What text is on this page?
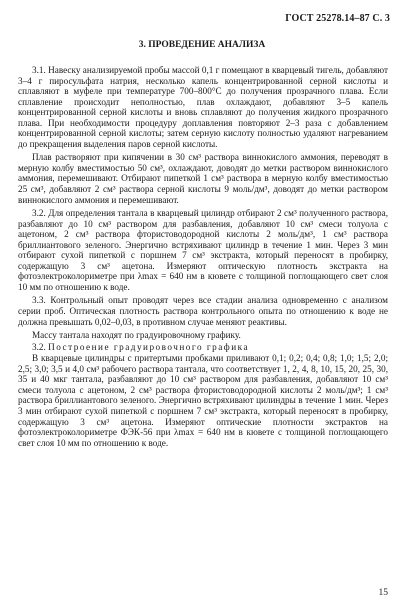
ГОСТ 25278.14–87 С. 3
3. ПРОВЕДЕНИЕ АНАЛИЗА

3.1. Навеску анализируемой пробы массой 0,1 г помещают в кварцевый тигель, добавляют 3–4 г пиросульфата натрия, несколько капель концентрированной серной кислоты и сплавляют в муфеле при температуре 700–800°С до получения прозрачного плава. Если сплавление происходит неполностью, плав охлаждают, добавляют 3–5 капель концентрированной серной кислоты и вновь сплавляют до получения жидкого прозрачного плава. При необходимости процедуру доплавления повторяют 2–3 раза с добавлением концентрированной серной кислоты; затем серную кислоту полностью удаляют нагреванием до прекращения выделения паров серной кислоты.

Плав растворяют при кипячении в 30 см³ раствора виннокислого аммония, переводят в мерную колбу вместимостью 50 см³, охлаждают, доводят до метки раствором виннокислого аммония, перемешивают. Отбирают пипеткой 1 см³ раствора в мерную колбу вместимостью 25 см³, добавляют 2 см³ раствора серной кислоты 9 моль/дм³, доводят до метки раствором виннокислого аммония и перемешивают.

3.2. Для определения тантала в кварцевый цилиндр отбирают 2 см³ полученного раствора, разбавляют до 10 см³ раствором для разбавления, добавляют 10 см³ смеси толуола с ацетоном, 2 см³ раствора фтористоводородной кислоты 2 моль/дм³, 1 см³ раствора бриллиантового зеленого. Энергично встряхивают цилиндр в течение 1 мин. Через 3 мин отбирают сухой пипеткой с поршнем 7 см³ экстракта, который переносят в пробирку, содержащую 3 см³ ацетона. Измеряют оптическую плотность экстракта на фотоэлектроколориметре при λmax = 640 нм в кювете с толщиной поглощающего свет слоя 10 мм по отношению к воде.

3.3. Контрольный опыт проводят через все стадии анализа одновременно с анализом серии проб. Оптическая плотность раствора контрольного опыта по отношению к воде не должна превышать 0,02–0,03, в противном случае меняют реактивы.

Массу тантала находят по градуировочному графику.

3.2. Построение градуировочного графика

В кварцевые цилиндры с притертыми пробками приливают 0,1; 0,2; 0,4; 0,8; 1,0; 1,5; 2,0; 2,5; 3,0; 3,5 и 4,0 см³ рабочего раствора тантала, что соответствует 1, 2, 4, 8, 10, 15, 20, 25, 30, 35 и 40 мкг тантала, разбавляют до 10 см³ раствором для разбавления, добавляют 10 см³ смеси толуола с ацетоном, 2 см³ раствора фтористоводородной кислоты 2 моль/дм³; 1 см³ раствора бриллиантового зеленого. Энергично встряхивают цилиндры в течение 1 мин. Через 3 мин отбирают сухой пипеткой с поршнем 7 см³ экстракта, который переносят в пробирку, содержащую 3 см³ ацетона. Измеряют оптические плотности экстрактов на фотоэлектроколориметре ФЭК-56 при λmax = 640 нм в кювете с толщиной поглощающего свет слоя 10 мм по отношению к воде.

15
